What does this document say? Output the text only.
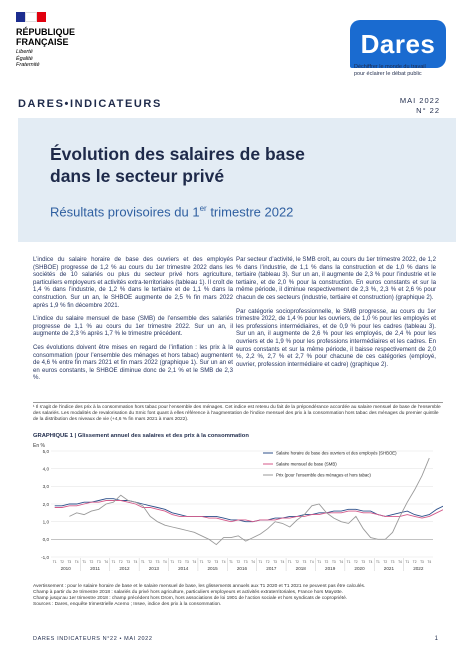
RÉPUBLIQUE
FRANÇAISE
Liberté
Égalité
Fraternité
Dares
Déchiffrer le monde du travail
pour éclairer le débat public
DARES•INDICATEURS	MAI 2022
N° 22
Évolution des salaires de base
dans le secteur privé
Résultats provisoires du 1er trimestre 2022

L’indice du salaire horaire de base des ouvriers et des employés (SHBOE) progresse de 1,2 % au cours du 1er trimestre 2022 dans les sociétés de 10 salariés ou plus du secteur privé hors agriculture, particuliers employeurs et activités extra-territoriales (tableau 1). Il croît de 1,4 % dans l’industrie, de 1,2 % dans le tertiaire et de 1,1 % dans la construction. Sur un an, le SHBOE augmente de 2,5 % fin mars 2022 après 1,9 % fin décembre 2021.

L’indice du salaire mensuel de base (SMB) de l’ensemble des salariés progresse de 1,1 % au cours du 1er trimestre 2022. Sur un an, il augmente de 2,3 % après 1,7 % le trimestre précédent.

Ces évolutions doivent être mises en regard de l’inflation : les prix à la consommation (pour l’ensemble des ménages et hors tabac) augmentent de 4,6 % entre fin mars 2021 et fin mars 2022 (graphique 1). Sur un an et en euros constants, le SHBOE diminue donc de 2,1 % et le SMB de 2,3 %.

Par secteur d’activité, le SMB croît, au cours du 1er trimestre 2022, de 1,2 % dans l’industrie, de 1,1 % dans la construction et de 1,0 % dans le tertiaire (tableau 3). Sur un an, il augmente de 2,3 % pour l’industrie et le tertiaire, et de 2,0 % pour la construction. En euros constants et sur la même période, il diminue respectivement de 2,3 %, 2,3 % et 2,6 % pour chacun de ces secteurs (industrie, tertiaire et construction) (graphique 2).

Par catégorie socioprofessionnelle, le SMB progresse, au cours du 1er trimestre 2022, de 1,4 % pour les ouvriers, de 1,0 % pour les employés et les professions intermédiaires, et de 0,9 % pour les cadres (tableau 3). Sur un an, il augmente de 2,6 % pour les employés, de 2,4 % pour les ouvriers et de 1,9 % pour les professions intermédiaires et les cadres. En euros constants et sur la même période, il baisse respectivement de 2,0 %, 2,2 %, 2,7 % et 2,7 % pour chacune de ces catégories (employé, ouvrier, profession intermédiaire et cadre) (graphique 2).

¹ Il s’agit de l’indice des prix à la consommation hors tabac pour l’ensemble des ménages. Cet indice est retenu du fait de la prépondérance accordée au salaire mensuel de base de l’ensemble des salariés. Les modalités de revalorisation du Smic font quant à elles référence à l’augmentation de l’indice mensuel des prix à la consommation hors tabac des ménages du premier quintile de la distribution des niveaux de vie (+4,6 % fin mars 2021 à mars 2022).
GRAPHIQUE 1 | Glissement annuel des salaires et des prix à la consommation
En %
5,0
4,0
3,0
2,0
1,0
0,0
-1,0
T1 T2 T3 T4 T1 T2 T3 T4 T1 T2 T3 T4 T1 T2 T3 T4 T1 T2 T3 T4 T1 T2 T3 T4 T1 T2 T3 T4 T1 T2 T3 T4 T1 T2 T3 T4 T1 T2 T3 T4 T1 T2 T3 T4 T1 T2 T3 T4 T1 T2 T3 T4
2010	2011	2012	2013	2014	2015	2016	2017	2018	2019	2020	2021	2022
Salaire horaire de base des ouvriers et des employés (SHBOE)
Salaire mensuel de base (SMB)
Prix (pour l’ensemble des ménages et hors tabac)
Avertissement : pour le salaire horaire de base et le salaire mensuel de base, les glissements annuels aux T1 2020 et T1 2021 ne peuvent pas être calculés.
Champ à partir du 2e trimestre 2018 : salariés du privé hors agriculture, particuliers employeurs et activités extraterritoriales, France hors Mayotte.
Champ jusqu’au 1er trimestre 2018 : champ précédent hors Drom, hors associations de loi 1901 de l’action sociale et hors syndicats de copropriété.
Sources : Dares, enquête trimestrielle Acemo ; Insee, indice des prix à la consommation.
DARES INDICATEURS N°22 • MAI 2022	1
